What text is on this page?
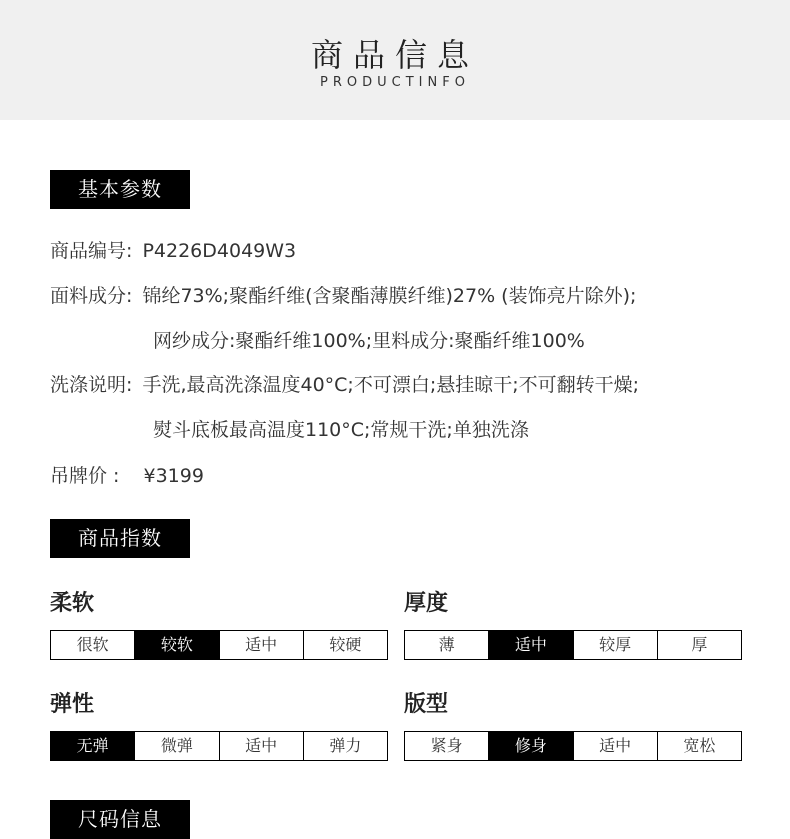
商品信息
PRODUCTINFO
基本参数
商品编号: P4226D4049W3
面料成分: 锦纶73%;聚酯纤维(含聚酯薄膜纤维)27% (装饰亮片除外);
网纱成分:聚酯纤维100%;里料成分:聚酯纤维100%
洗涤说明: 手洗,最高洗涤温度40°C;不可漂白;悬挂晾干;不可翻转干燥;
熨斗底板最高温度110°C;常规干洗;单独洗涤
吊牌价 : ¥3199
商品指数
柔软
很软	较软	适中	较硬
厚度
薄	适中	较厚	厚
弹性
无弹	微弹	适中	弹力
版型
紧身	修身	适中	宽松
尺码信息
